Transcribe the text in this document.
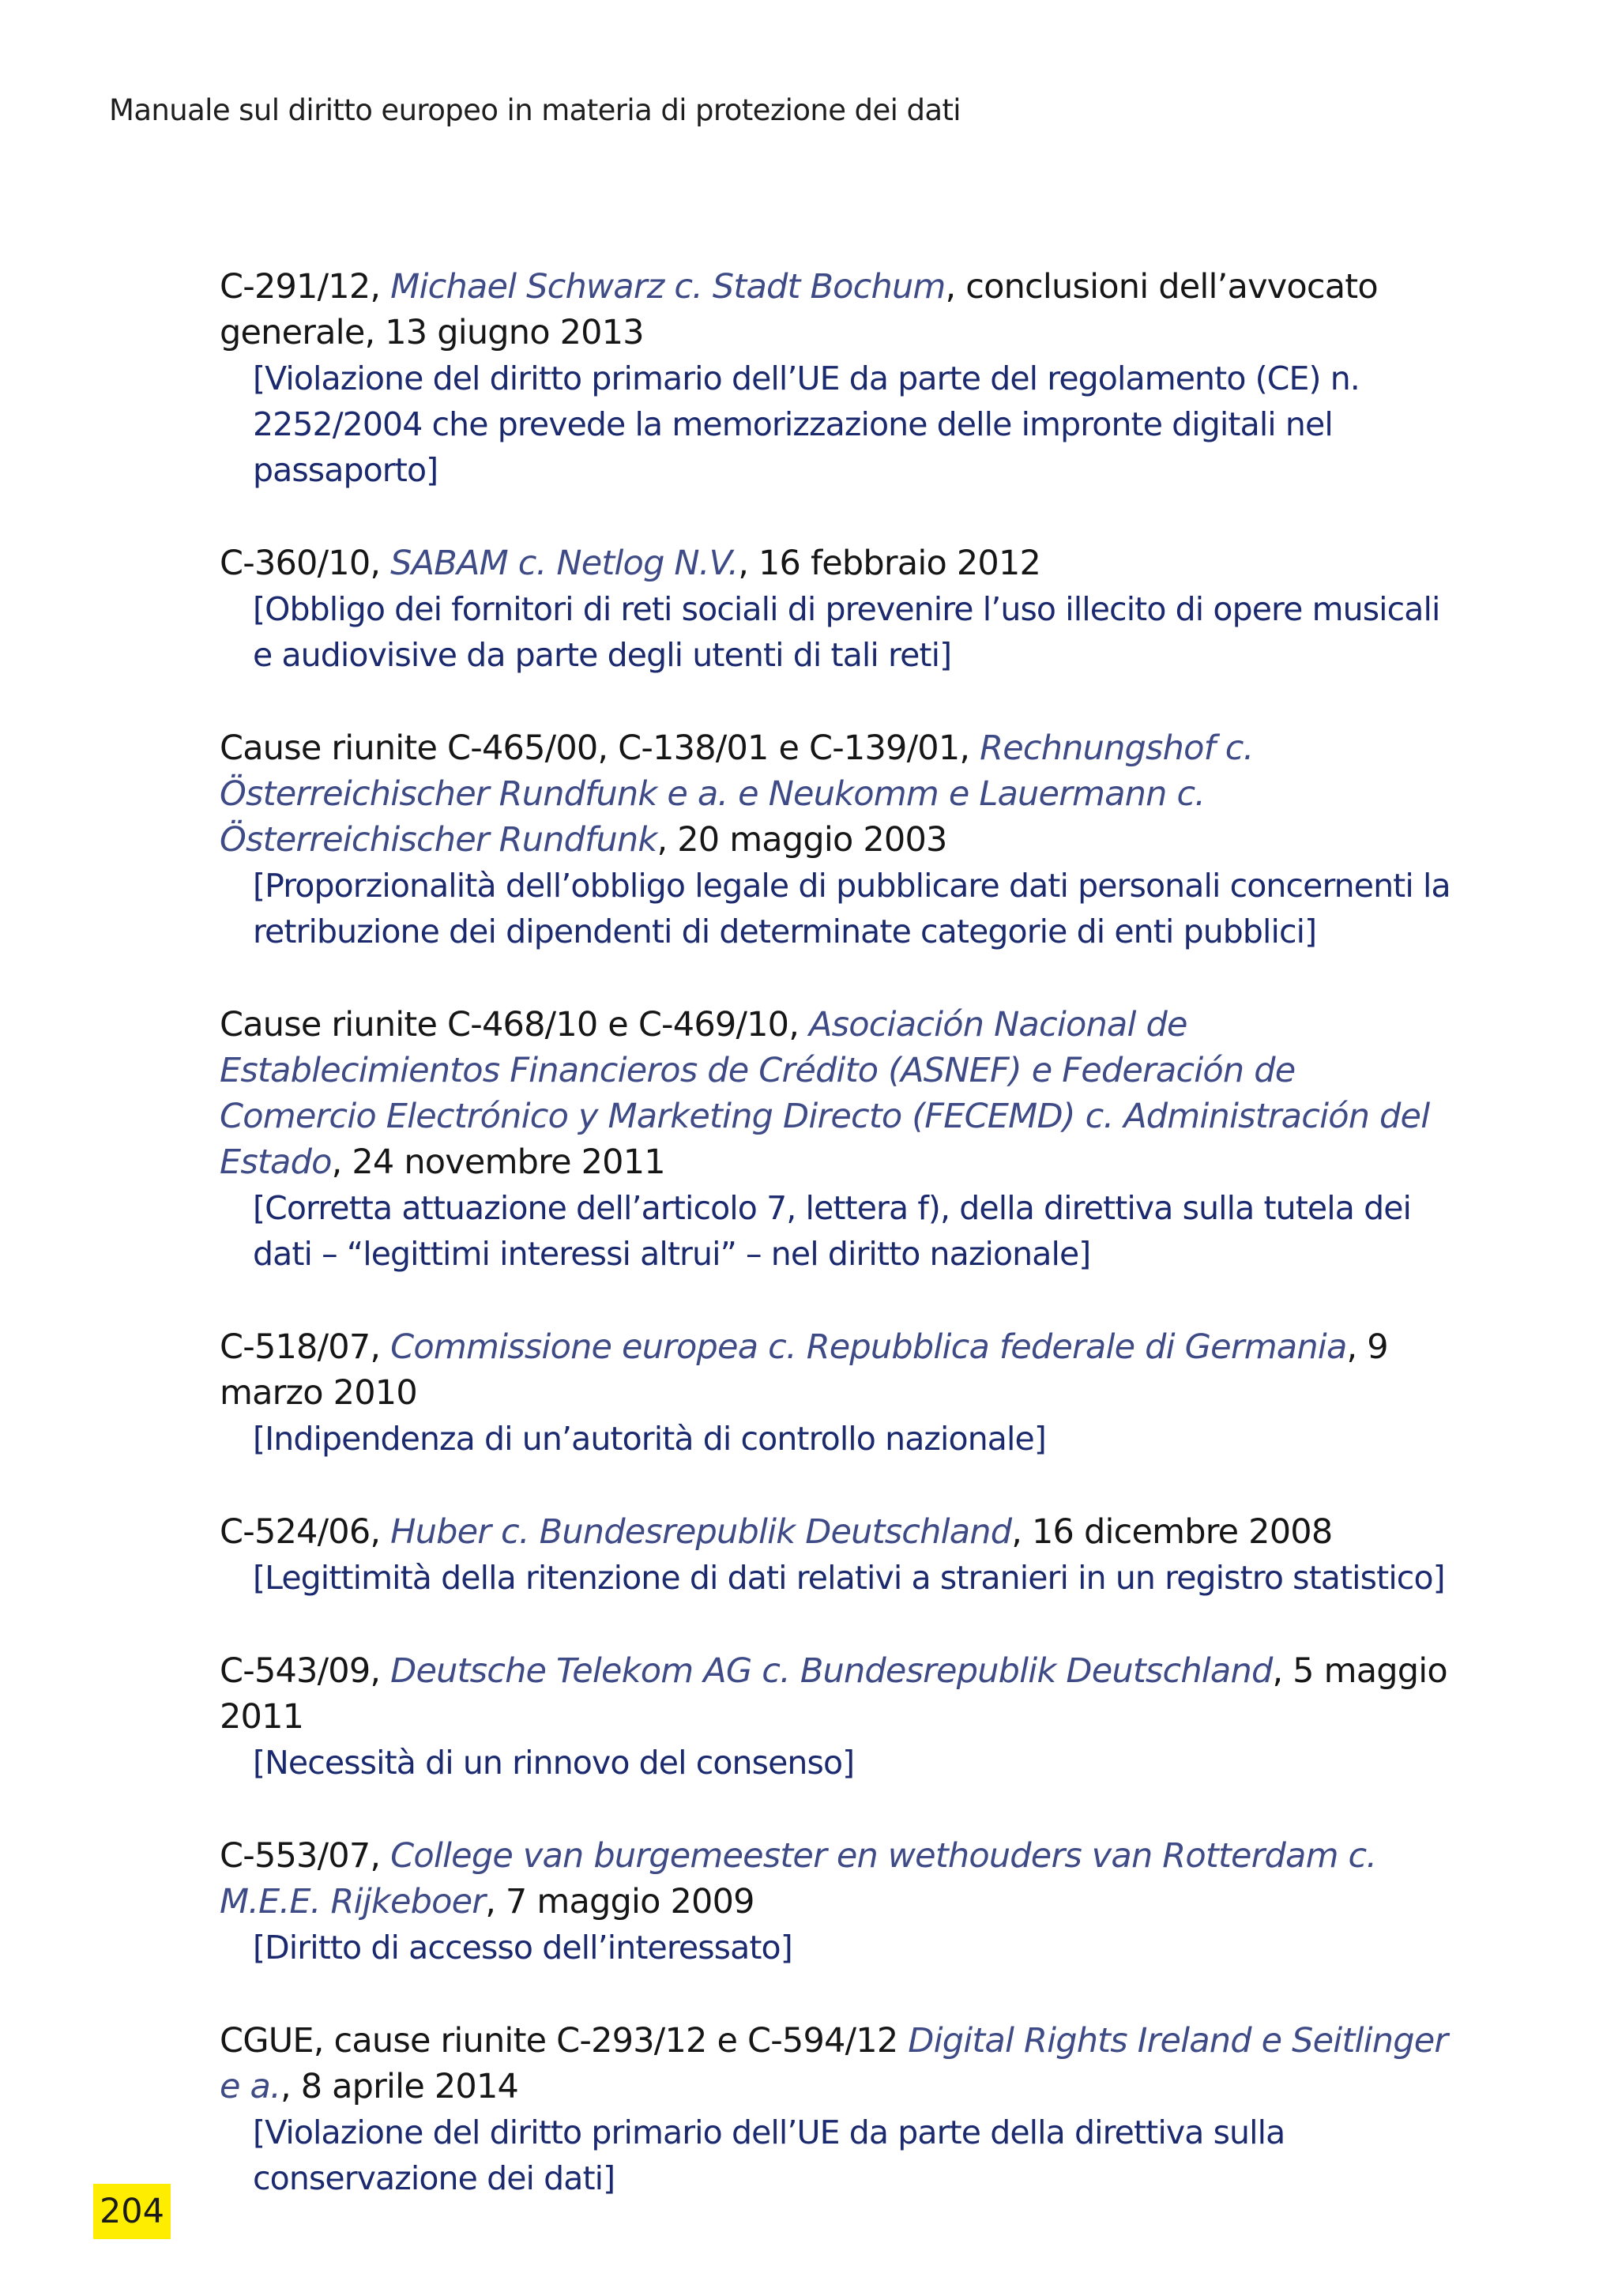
Manuale sul diritto europeo in materia di protezione dei dati

C-291/12, Michael Schwarz c. Stadt Bochum, conclusioni dell’avvocato generale, 13 giugno 2013

[Violazione del diritto primario dell’UE da parte del regolamento (CE) n. 2252/2004 che prevede la memorizzazione delle impronte digitali nel passaporto]

C-360/10, SABAM c. Netlog N.V., 16 febbraio 2012

[Obbligo dei fornitori di reti sociali di prevenire l’uso illecito di opere musicali e audiovisive da parte degli utenti di tali reti]

Cause riunite C-465/00, C-138/01 e C-139/01, Rechnungshof c. Österreichischer Rundfunk e a. e Neukomm e Lauermann c. Österreichischer Rundfunk, 20 maggio 2003

[Proporzionalità dell’obbligo legale di pubblicare dati personali concernenti la retribuzione dei dipendenti di determinate categorie di enti pubblici]

Cause riunite C-468/10 e C-469/10, Asociación Nacional de Establecimientos Financieros de Crédito (ASNEF) e Federación de Comercio Electrónico y Marketing Directo (FECEMD) c. Administración del Estado, 24 novembre 2011

[Corretta attuazione dell’articolo 7, lettera f), della direttiva sulla tutela dei dati – “legittimi interessi altrui” – nel diritto nazionale]

C-518/07, Commissione europea c. Repubblica federale di Germania, 9 marzo 2010

[Indipendenza di un’autorità di controllo nazionale]

C-524/06, Huber c. Bundesrepublik Deutschland, 16 dicembre 2008

[Legittimità della ritenzione di dati relativi a stranieri in un registro statistico]

C-543/09, Deutsche Telekom AG c. Bundesrepublik Deutschland, 5 maggio 2011

[Necessità di un rinnovo del consenso]

C-553/07, College van burgemeester en wethouders van Rotterdam c. M.E.E. Rijkeboer, 7 maggio 2009

[Diritto di accesso dell’interessato]

CGUE, cause riunite C-293/12 e C-594/12 Digital Rights Ireland e Seitlinger e a., 8 aprile 2014

[Violazione del diritto primario dell’UE da parte della direttiva sulla conservazione dei dati]

204
